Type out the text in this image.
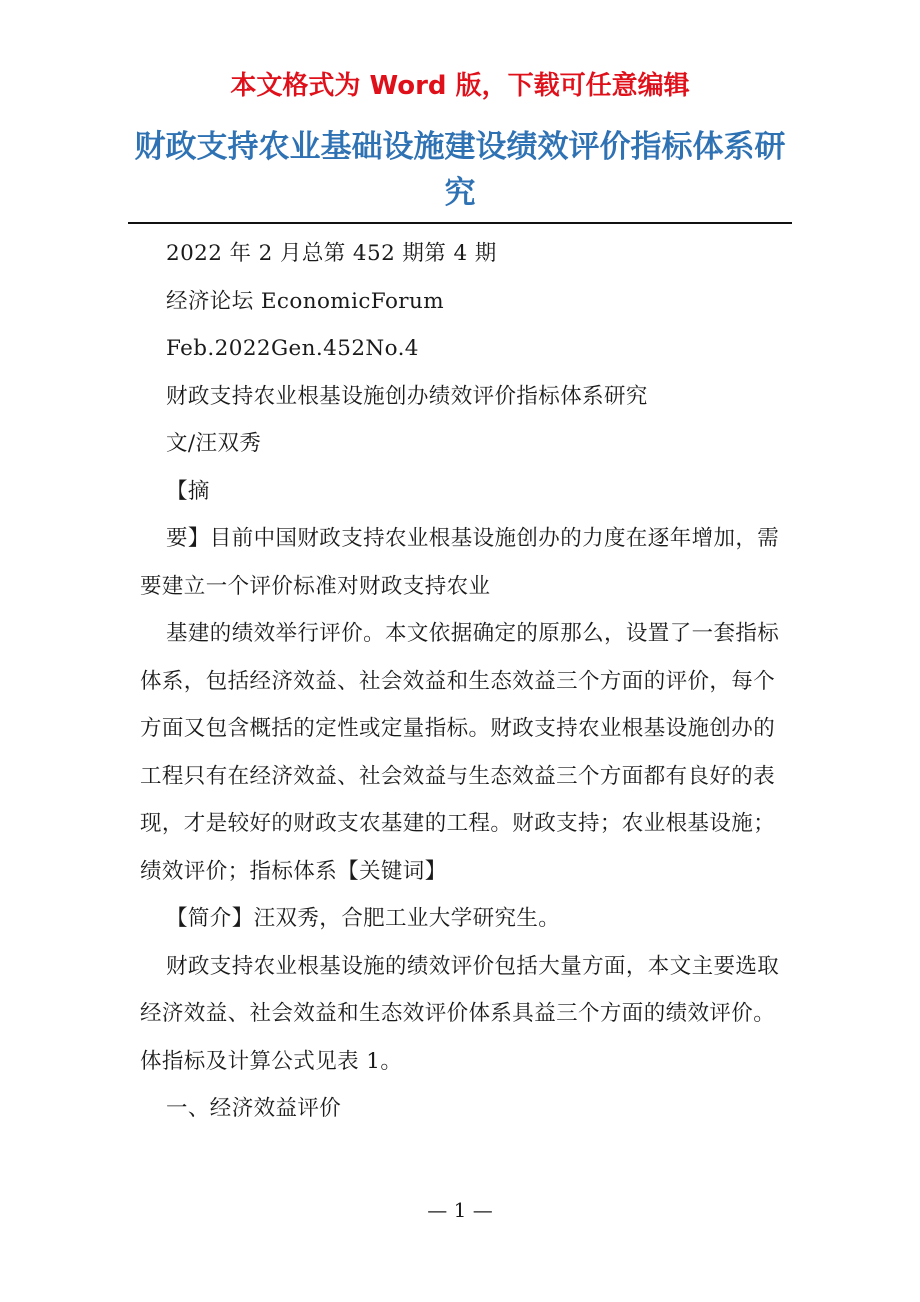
本文格式为 Word 版，下载可任意编辑
财政支持农业基础设施建设绩效评价指标体系研究

2022 年 2 月总第 452 期第 4 期

经济论坛 EconomicForum

Feb.2022Gen.452No.4

财政支持农业根基设施创办绩效评价指标体系研究

文/汪双秀

【摘

要】目前中国财政支持农业根基设施创办的力度在逐年增加，需要建立一个评价标准对财政支持农业

基建的绩效举行评价。本文依据确定的原那么，设置了一套指标体系，包括经济效益、社会效益和生态效益三个方面的评价，每个方面又包含概括的定性或定量指标。财政支持农业根基设施创办的工程只有在经济效益、社会效益与生态效益三个方面都有良好的表现，才是较好的财政支农基建的工程。财政支持；农业根基设施；绩效评价；指标体系【关键词】

【简介】汪双秀，合肥工业大学研究生。

财政支持农业根基设施的绩效评价包括大量方面，本文主要选取经济效益、社会效益和生态效评价体系具益三个方面的绩效评价。体指标及计算公式见表 1。

一、经济效益评价

— 1 —
